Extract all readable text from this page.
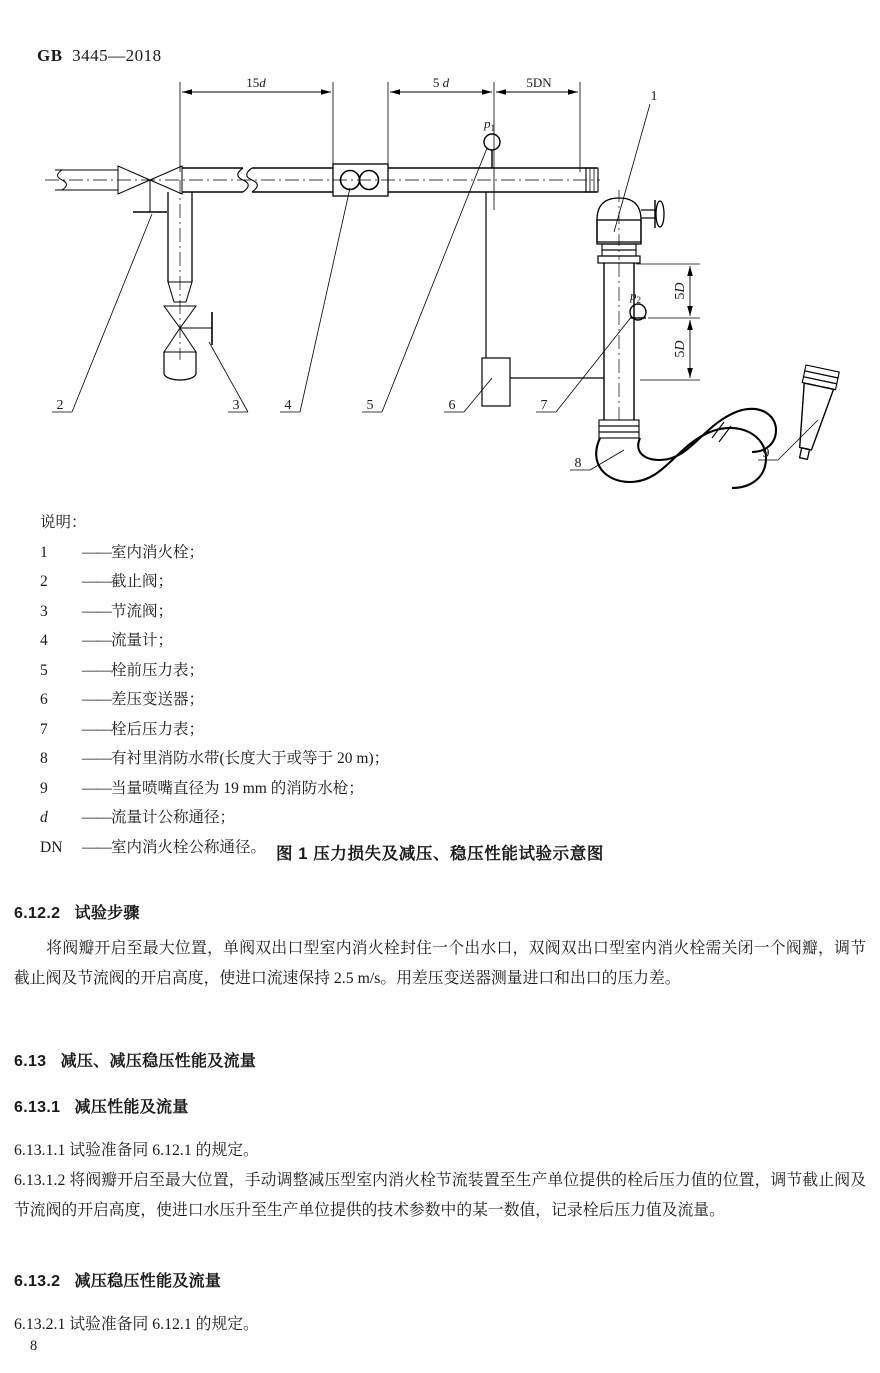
GB 3445—2018

15d	5 d	5DN
5D
5D
$p_1$
$p_2$
2	3	4	5	6	7
8
9
1
说明：
1	—— 室内消火栓；
2	—— 截止阀；
3	—— 节流阀；
4	—— 流量计；
5	—— 栓前压力表；
6	—— 差压变送器；
7	—— 栓后压力表；
8	—— 有衬里消防水带(长度大于或等于 20 m)；
9	—— 当量喷嘴直径为 19 mm 的消防水枪；
d	—— 流量计公称通径；
DN	—— 室内消火栓公称通径。 图 1 压力损失及减压、稳压性能试验示意图
6.12.2   试验步骤
将阀瓣开启至最大位置，单阀双出口型室内消火栓封住一个出水口，双阀双出口型室内消火栓需关闭一个阀瓣，调节截止阀及节流阀的开启高度，使进口流速保持 2.5 m/s。用差压变送器测量进口和出口的压力差。
6.13   减压、减压稳压性能及流量
6.13.1   减压性能及流量
6.13.1.1 试验准备同 6.12.1 的规定。
6.13.1.2 将阀瓣开启至最大位置，手动调整减压型室内消火栓节流装置至生产单位提供的栓后压力值的位置，调节截止阀及节流阀的开启高度，使进口水压升至生产单位提供的技术参数中的某一数值，记录栓后压力值及流量。
6.13.2   减压稳压性能及流量
6.13.2.1 试验准备同 6.12.1 的规定。
8
